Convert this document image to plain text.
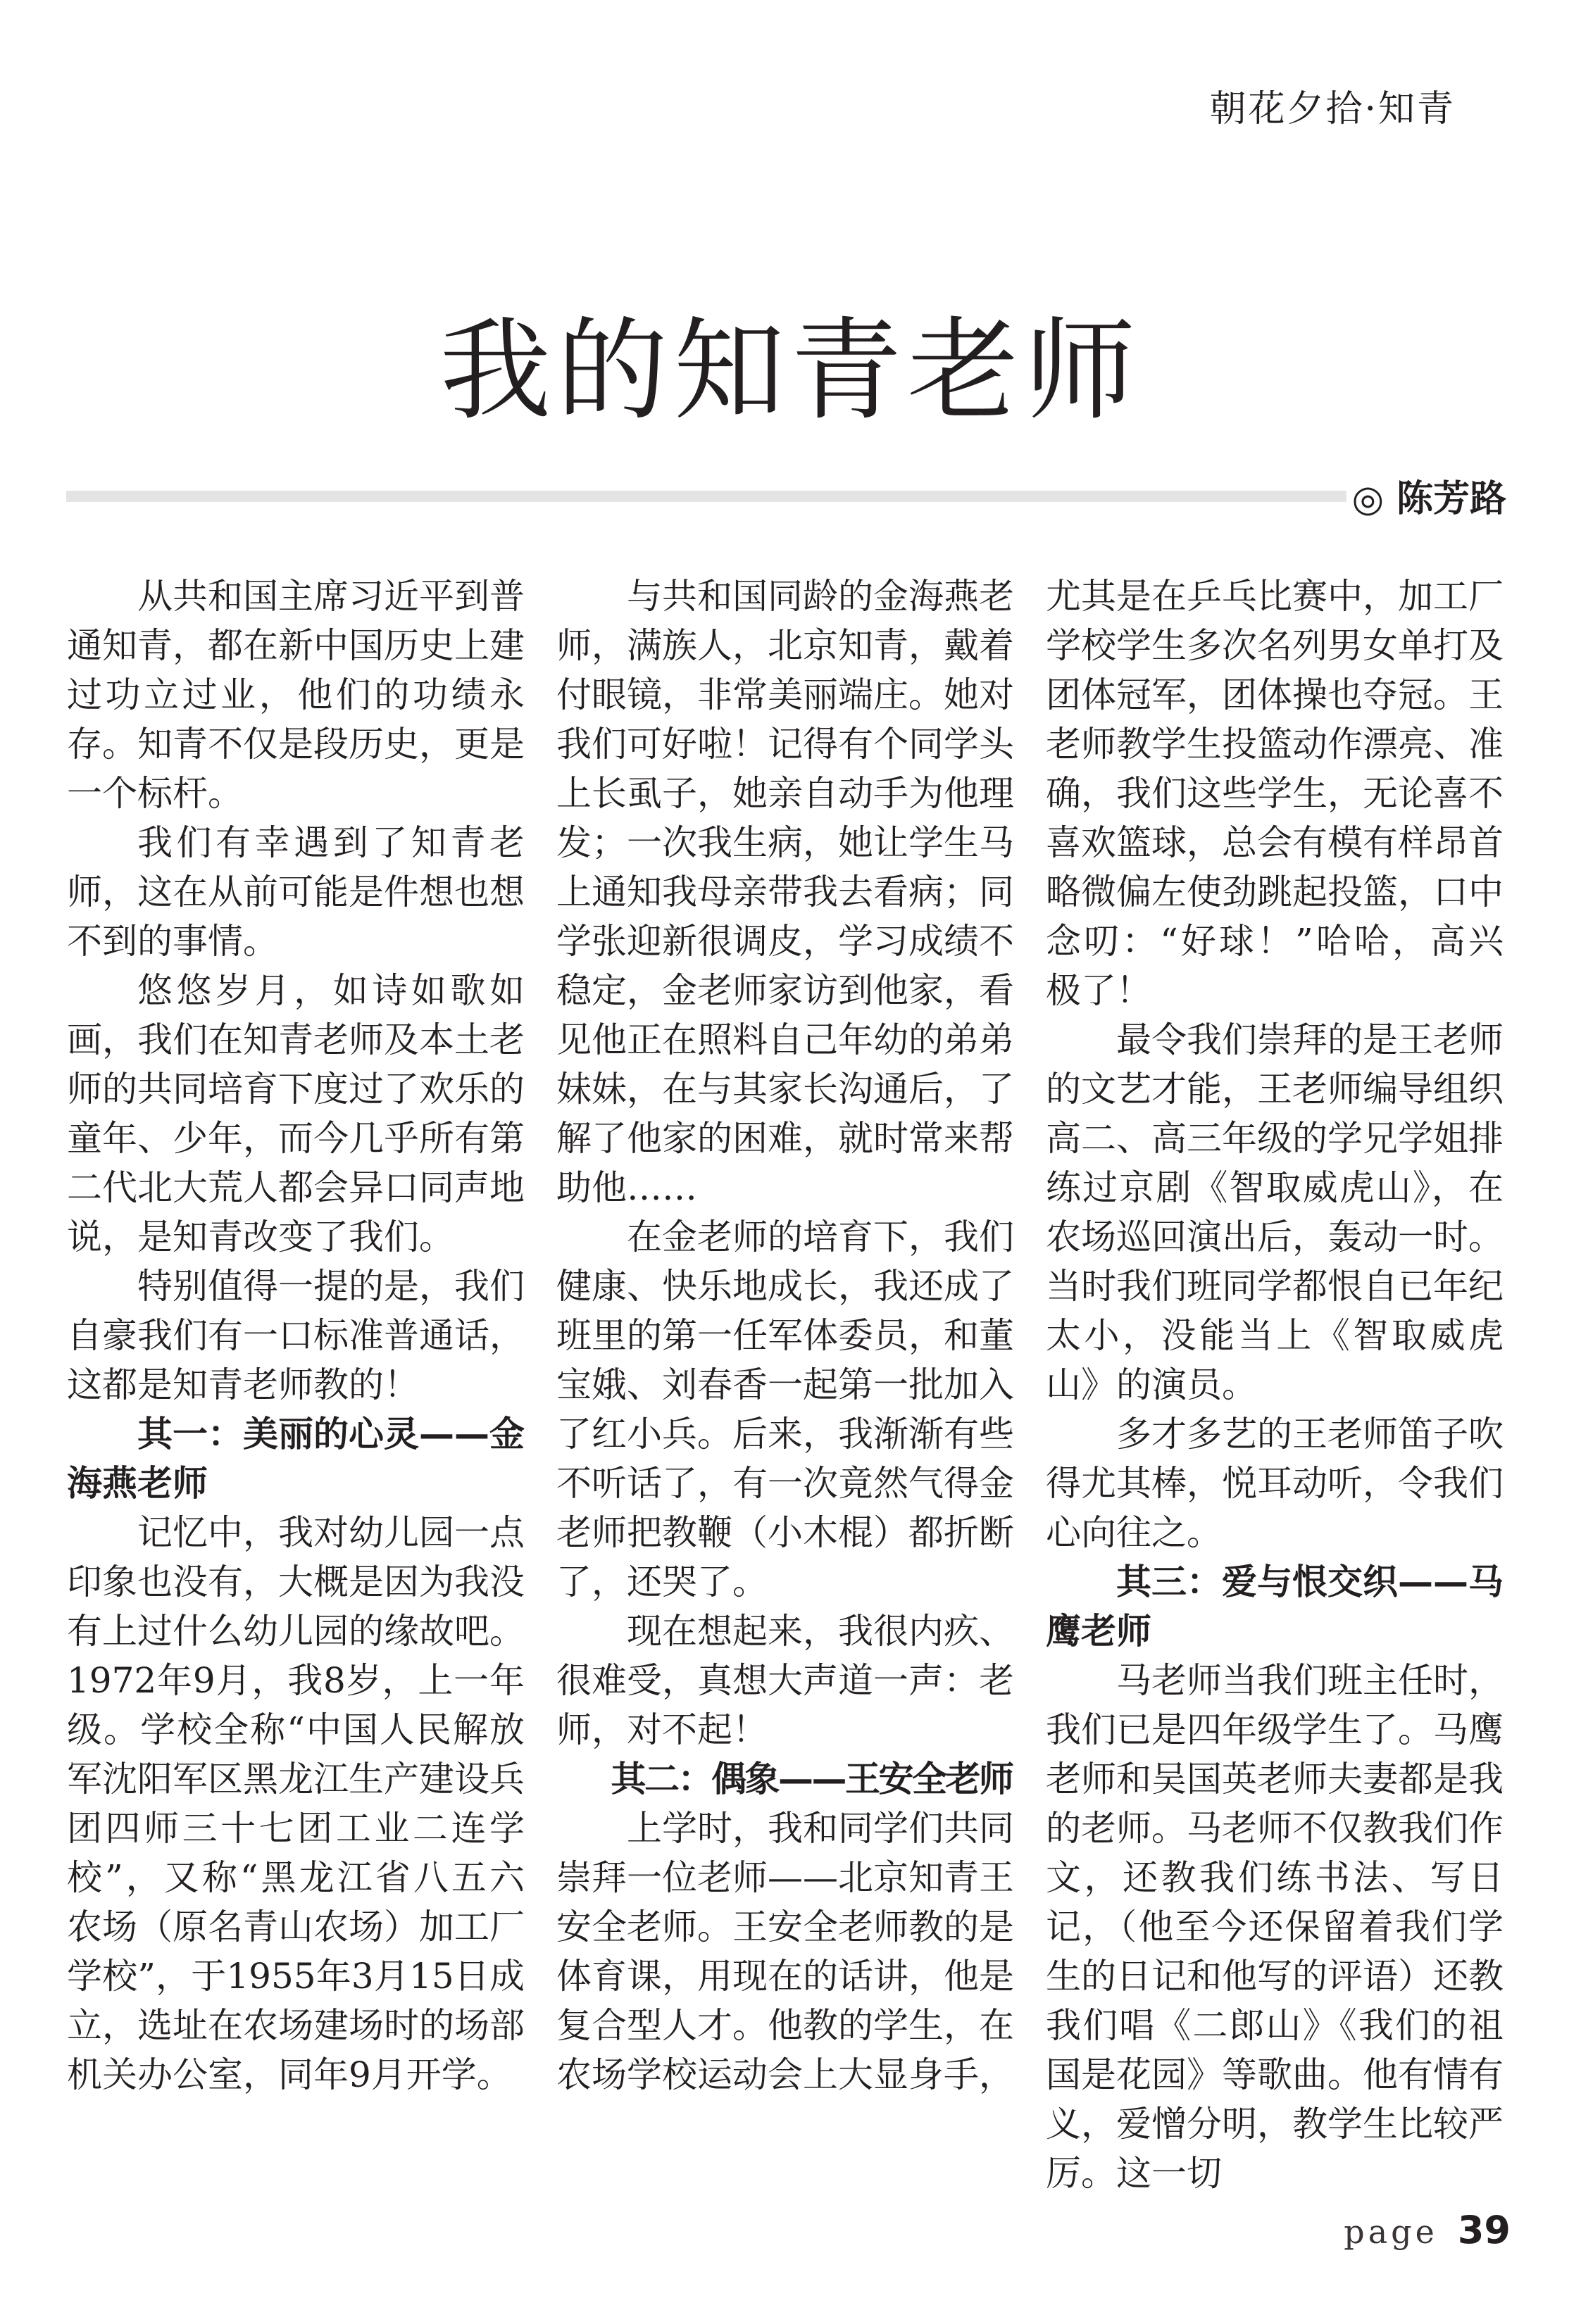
朝花夕拾·知青
我的知青老师
◎ 陈芳路
从共和国主席习近平到普通知青，都在新中国历史上建过功立过业，他们的功绩永存。知青不仅是段历史，更是一个标杆。
我们有幸遇到了知青老师，这在从前可能是件想也想不到的事情。
悠悠岁月，如诗如歌如画，我们在知青老师及本土老师的共同培育下度过了欢乐的童年、少年，而今几乎所有第二代北大荒人都会异口同声地说，是知青改变了我们。
特别值得一提的是，我们自豪我们有一口标准普通话，这都是知青老师教的！
其一：美丽的心灵——金海燕老师
记忆中，我对幼儿园一点印象也没有，大概是因为我没有上过什么幼儿园的缘故吧。1972年9月，我8岁，上一年级。学校全称“中国人民解放军沈阳军区黑龙江生产建设兵团四师三十七团工业二连学校”，又称“黑龙江省八五六农场（原名青山农场）加工厂学校”，于1955年3月15日成立，选址在农场建场时的场部机关办公室，同年9月开学。
与共和国同龄的金海燕老师，满族人，北京知青，戴着付眼镜，非常美丽端庄。她对我们可好啦！记得有个同学头上长虱子，她亲自动手为他理发；一次我生病，她让学生马上通知我母亲带我去看病；同学张迎新很调皮，学习成绩不稳定，金老师家访到他家，看见他正在照料自己年幼的弟弟妹妹，在与其家长沟通后，了解了他家的困难，就时常来帮助他……
在金老师的培育下，我们健康、快乐地成长，我还成了班里的第一任军体委员，和董宝娥、刘春香一起第一批加入了红小兵。后来，我渐渐有些不听话了，有一次竟然气得金老师把教鞭（小木棍）都折断了，还哭了。
现在想起来，我很内疚、很难受，真想大声道一声：老师，对不起！
其二：偶象——王安全老师
上学时，我和同学们共同崇拜一位老师——北京知青王安全老师。王安全老师教的是体育课，用现在的话讲，他是复合型人才。他教的学生，在农场学校运动会上大显身手，
尤其是在乒乓比赛中，加工厂学校学生多次名列男女单打及团体冠军，团体操也夺冠。王老师教学生投篮动作漂亮、准确，我们这些学生，无论喜不喜欢篮球，总会有模有样昂首略微偏左使劲跳起投篮，口中念叨：“好球！”哈哈，高兴极了！
最令我们崇拜的是王老师的文艺才能，王老师编导组织高二、高三年级的学兄学姐排练过京剧《智取威虎山》，在农场巡回演出后，轰动一时。当时我们班同学都恨自已年纪太小，没能当上《智取威虎山》的演员。
多才多艺的王老师笛子吹得尤其棒，悦耳动听，令我们心向往之。
其三：爱与恨交织——马鹰老师
马老师当我们班主任时，我们已是四年级学生了。马鹰老师和吴国英老师夫妻都是我的老师。马老师不仅教我们作文，还教我们练书法、写日记，（他至今还保留着我们学生的日记和他写的评语）还教我们唱《二郎山》《我们的祖国是花园》等歌曲。他有情有义，爱憎分明，教学生比较严厉。这一切
page 39
